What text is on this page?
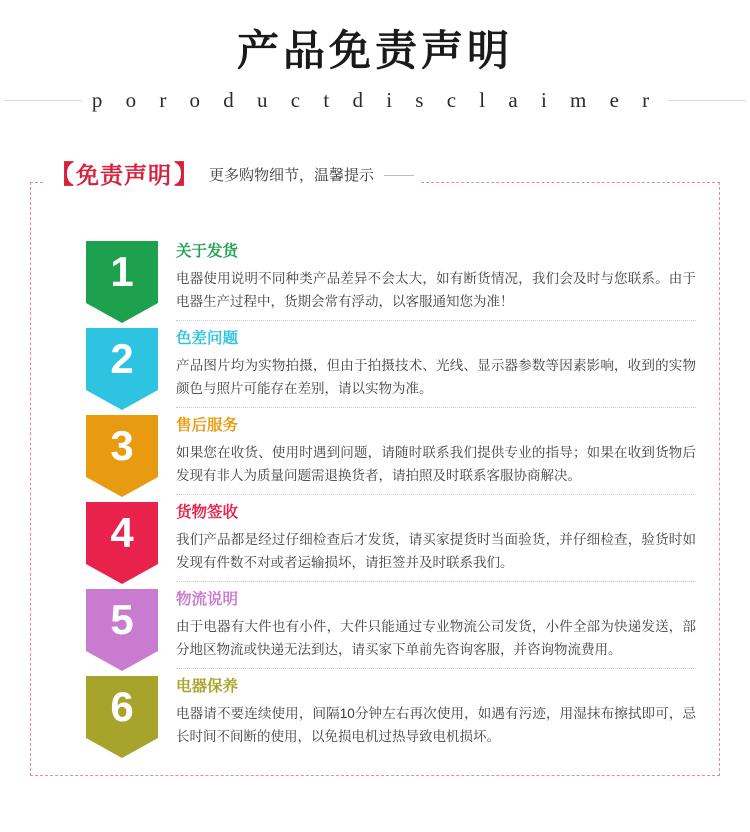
产品免责声明
p o r o d u c t d i s c l a i m e r
【 免责声明 】 更多购物细节，温馨提示
1	关于发货
电器使用说明不同种类产品差异不会太大，如有断货情况，我们会及时与您联系。由于电器生产过程中，货期会常有浮动，以客服通知您为准！
2	色差问题
产品图片均为实物拍摄，但由于拍摄技术、光线、显示器参数等因素影响，收到的实物颜色与照片可能存在差别，请以实物为准。
3	售后服务
如果您在收货、使用时遇到问题，请随时联系我们提供专业的指导；如果在收到货物后发现有非人为质量问题需退换货者，请拍照及时联系客服协商解决。
4	货物签收
我们产品都是经过仔细检查后才发货，请买家提货时当面验货，并仔细检查，验货时如发现有件数不对或者运输损坏，请拒签并及时联系我们。
5	物流说明
由于电器有大件也有小件，大件只能通过专业物流公司发货，小件全部为快递发送，部分地区物流或快递无法到达，请买家下单前先咨询客服，并咨询物流费用。
6	电器保养
电器请不要连续使用，间隔10分钟左右再次使用，如遇有污迹，用湿抹布擦拭即可，忌长时间不间断的使用，以免损电机过热导致电机损坏。
